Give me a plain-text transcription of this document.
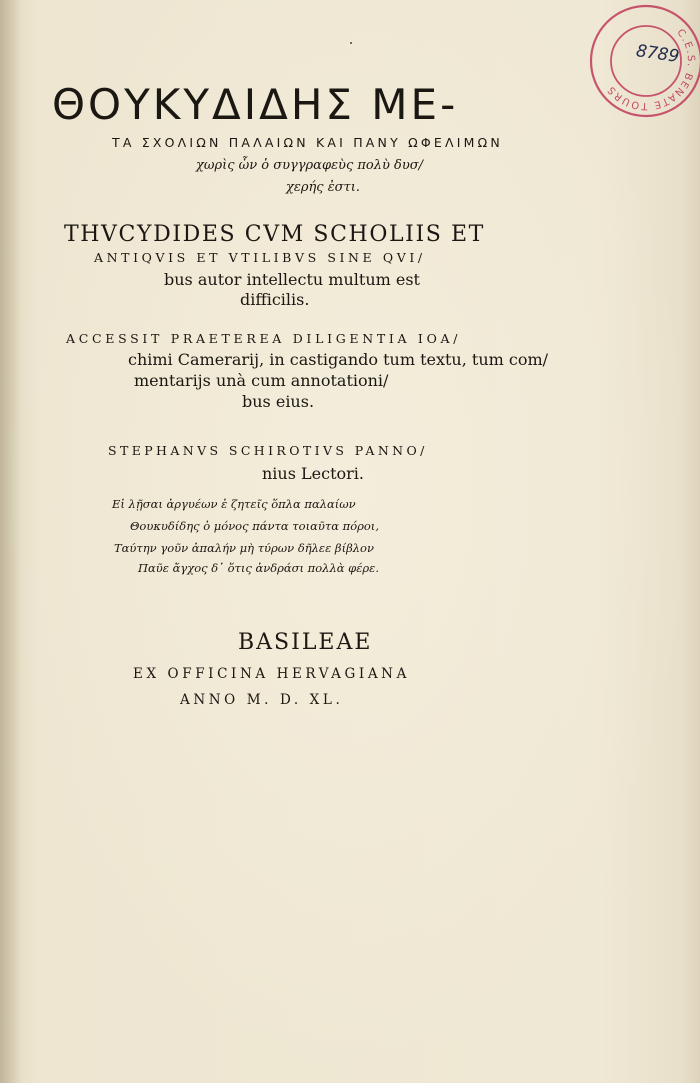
ΘΟΥΚΥΔΙΔΗΣ ΜΕ-

ΤΑ ΣΧΟΛΙΩΝ ΠΑΛΑΙΩΝ ΚΑΙ ΠΑΝΥ ΩΦΕΛΙΜΩΝ

χωρὶς ὧν ὁ συγγραφεὺς πολὺ δυσ/

χερής ἐστι.

THVCYDIDES CVM SCHOLIIS ET

ANTIQVIS ET VTILIBVS SINE QVI/

bus autor intellectu multum est

difficilis.

ACCESSIT PRAETEREA DILIGENTIA IOA/

chimi Camerarij, in castigando tum textu, tum com/

mentarijs unà cum annotationi/

bus eius.

STEPHANVS SCHIROTIVS PANNO/

nius Lectori.

Εἰ λῇσαι ἀργυέων ἐ ζητεῖς ὅπλα παλαίων

Θουκυδίδης ὁ μόνος πάντα τοιαῦτα πόροι,

Ταύτην γοῦν ἀπαλήν μὴ τύρων δῆλεε βίβλον

Παῦε ἄγχος δ᾽ ὅτις ἀνδράσι πολλὰ φέρε.

BASILEAE

EX OFFICINA HERVAGIANA

ANNO M. D. XL.

C.E.S. BENATE TOURS
8789
